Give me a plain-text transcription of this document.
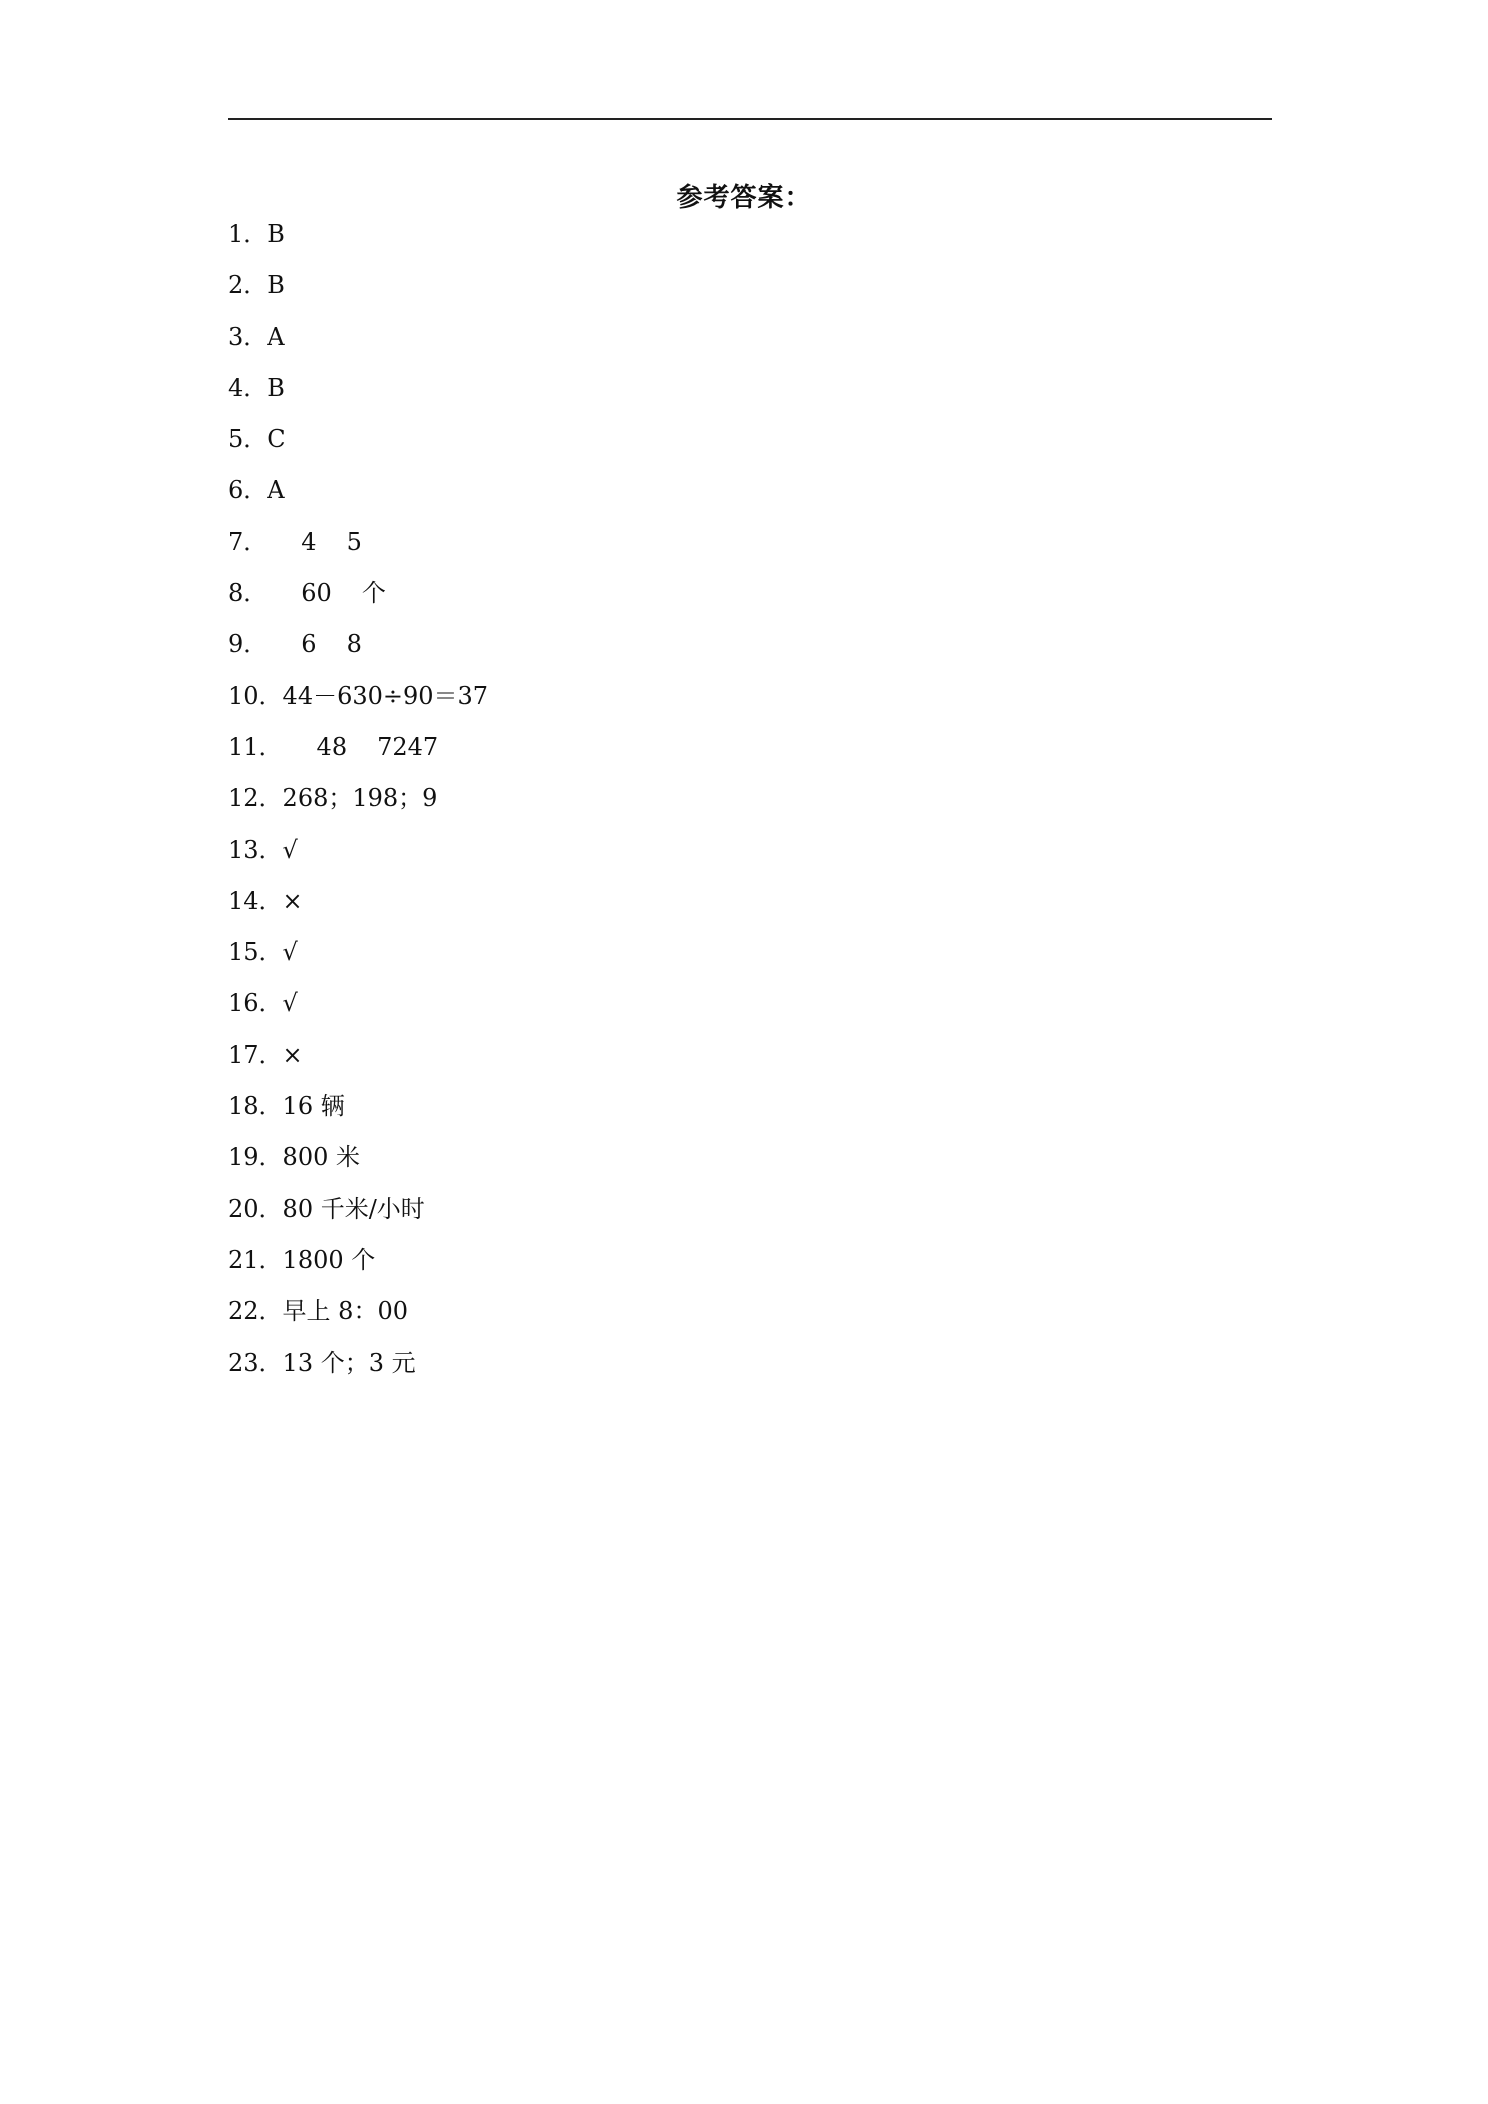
参考答案：
1．B
2．B
3．A
4．B
5．C
6．A
7． 4 5
8． 60 个
9． 6 8
10．44－630÷90＝37
11． 48 7247
12．268；198；9
13．√
14．×
15．√
16．√
17．×
18．16 辆
19．800 米
20．80 千米/小时
21．1800 个
22．早上 8：00
23．13 个；3 元
